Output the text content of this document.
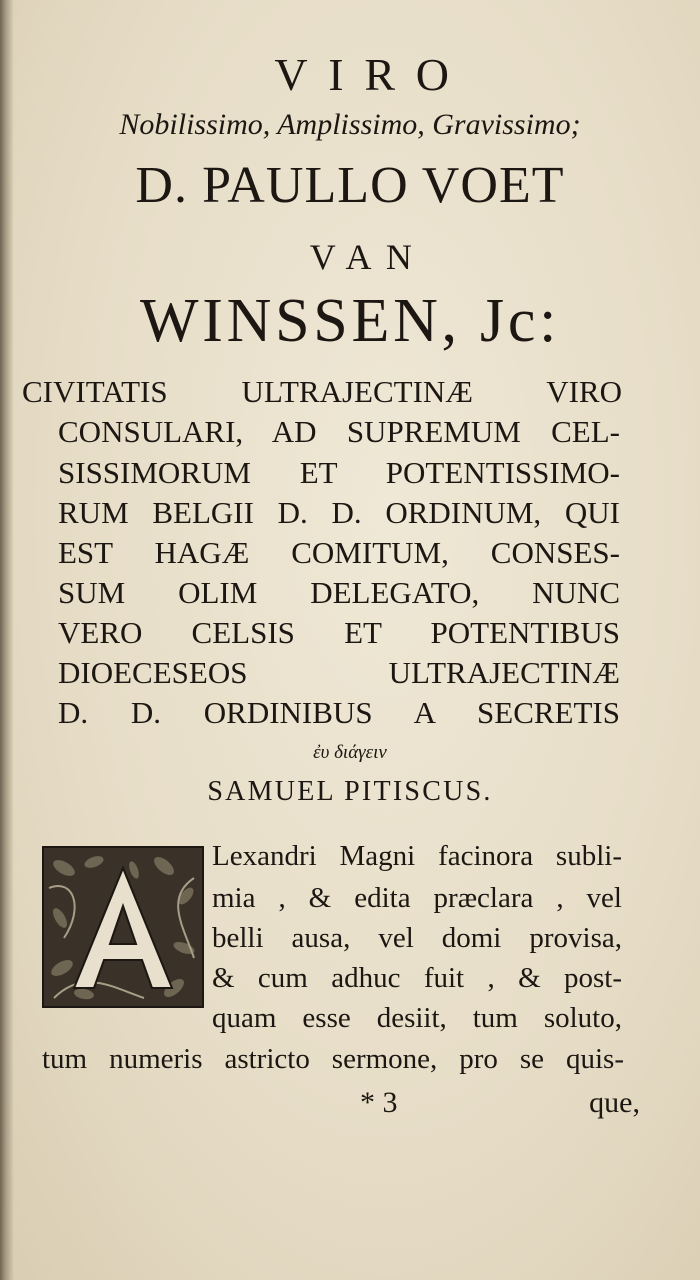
VIRO
Nobilissimo, Amplissimo, Gravissimo;
D. PAULLO VOET
VAN
WINSSEN, Jc:
CIVITATIS ULTRAJECTINÆ VIRO
CONSULARI, AD SUPREMUM CEL-
SISSIMORUM ET POTENTISSIMO-
RUM BELGII D. D. ORDINUM, QUI
EST HAGÆ COMITUM, CONSES-
SUM OLIM DELEGATO, NUNC
VERO CELSIS ET POTENTIBUS
DIOECESEOS ULTRAJECTINÆ
D. D. ORDINIBUS A SECRETIS
ἐυ διάγειν
SAMUEL PITISCUS.
Lexandri Magni facinora subli-
mia , & edita præclara , vel
belli ausa, vel domi provisa,
& cum adhuc fuit , & post-
quam esse desiit, tum soluto,
tum numeris astricto sermone, pro se quis-
* 3	que,
